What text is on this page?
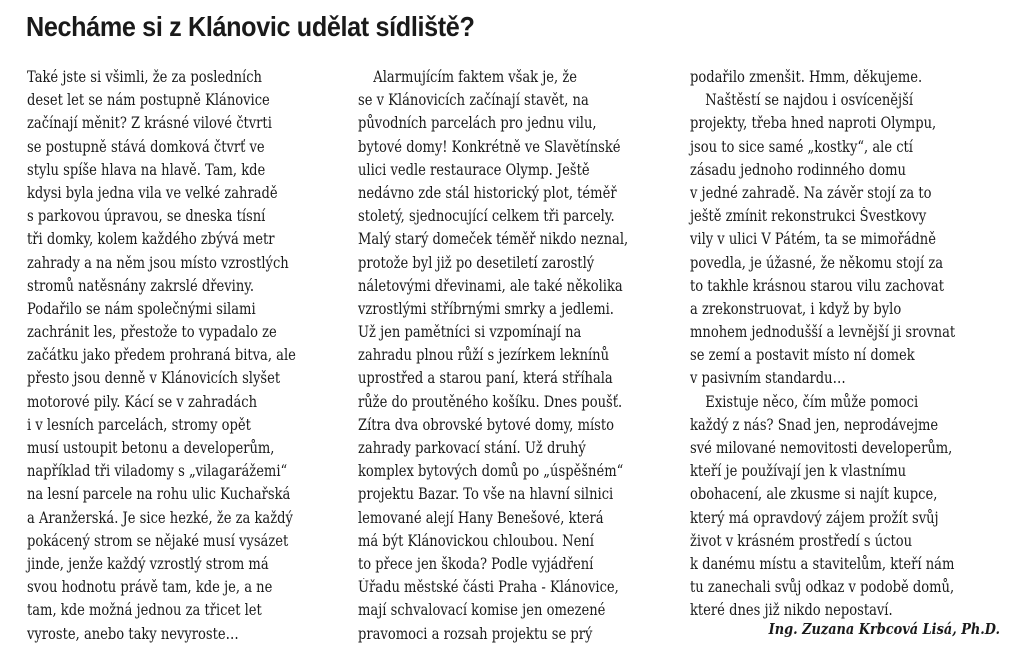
Necháme si z Klánovic udělat sídliště?
Také jste si všimli, že za posledních
deset let se nám postupně Klánovice
začínají měnit? Z krásné vilové čtvrti
se postupně stává domková čtvrť ve
stylu spíše hlava na hlavě. Tam, kde
kdysi byla jedna vila ve velké zahradě
s parkovou úpravou, se dneska tísní
tři domky, kolem každého zbývá metr
zahrady a na něm jsou místo vzrostlých
stromů natěsnány zakrslé dřeviny.
Podařilo se nám společnými silami
zachránit les, přestože to vypadalo ze
začátku jako předem prohraná bitva, ale
přesto jsou denně v Klánovicích slyšet
motorové pily. Kácí se v zahradách
i v lesních parcelách, stromy opět
musí ustoupit betonu a developerům,
například tři viladomy s „vilagarážemi“
na lesní parcele na rohu ulic Kuchařská
a Aranžerská. Je sice hezké, že za každý
pokácený strom se nějaké musí vysázet
jinde, jenže každý vzrostlý strom má
svou hodnotu právě tam, kde je, a ne
tam, kde možná jednou za třicet let
vyroste, anebo taky nevyroste…
Alarmujícím faktem však je, že
se v Klánovicích začínají stavět, na
původních parcelách pro jednu vilu,
bytové domy! Konkrétně ve Slavětínské
ulici vedle restaurace Olymp. Ještě
nedávno zde stál historický plot, téměř
stoletý, sjednocující celkem tři parcely.
Malý starý domeček téměř nikdo neznal,
protože byl již po desetiletí zarostlý
náletovými dřevinami, ale také několika
vzrostlými stříbrnými smrky a jedlemi.
Už jen pamětníci si vzpomínají na
zahradu plnou růží s jezírkem leknínů
uprostřed a starou paní, která stříhala
růže do proutěného košíku. Dnes poušť.
Zítra dva obrovské bytové domy, místo
zahrady parkovací stání. Už druhý
komplex bytových domů po „úspěšném“
projektu Bazar. To vše na hlavní silnici
lemované alejí Hany Benešové, která
má být Klánovickou chloubou. Není
to přece jen škoda? Podle vyjádření
Úřadu městské části Praha - Klánovice,
mají schvalovací komise jen omezené
pravomoci a rozsah projektu se prý
podařilo zmenšit. Hmm, děkujeme.
Naštěstí se najdou i osvícenější
projekty, třeba hned naproti Olympu,
jsou to sice samé „kostky“, ale ctí
zásadu jednoho rodinného domu
v jedné zahradě. Na závěr stojí za to
ještě zmínit rekonstrukci Švestkovy
vily v ulici V Pátém, ta se mimořádně
povedla, je úžasné, že někomu stojí za
to takhle krásnou starou vilu zachovat
a zrekonstruovat, i když by bylo
mnohem jednodušší a levnější ji srovnat
se zemí a postavit místo ní domek
v pasivním standardu…
Existuje něco, čím může pomoci
každý z nás? Snad jen, neprodávejme
své milované nemovitosti developerům,
kteří je používají jen k vlastnímu
obohacení, ale zkusme si najít kupce,
který má opravdový zájem prožít svůj
život v krásném prostředí s úctou
k danému místu a stavitelům, kteří nám
tu zanechali svůj odkaz v podobě domů,
které dnes již nikdo nepostaví.
Ing. Zuzana Krbcová Lisá, Ph.D.
